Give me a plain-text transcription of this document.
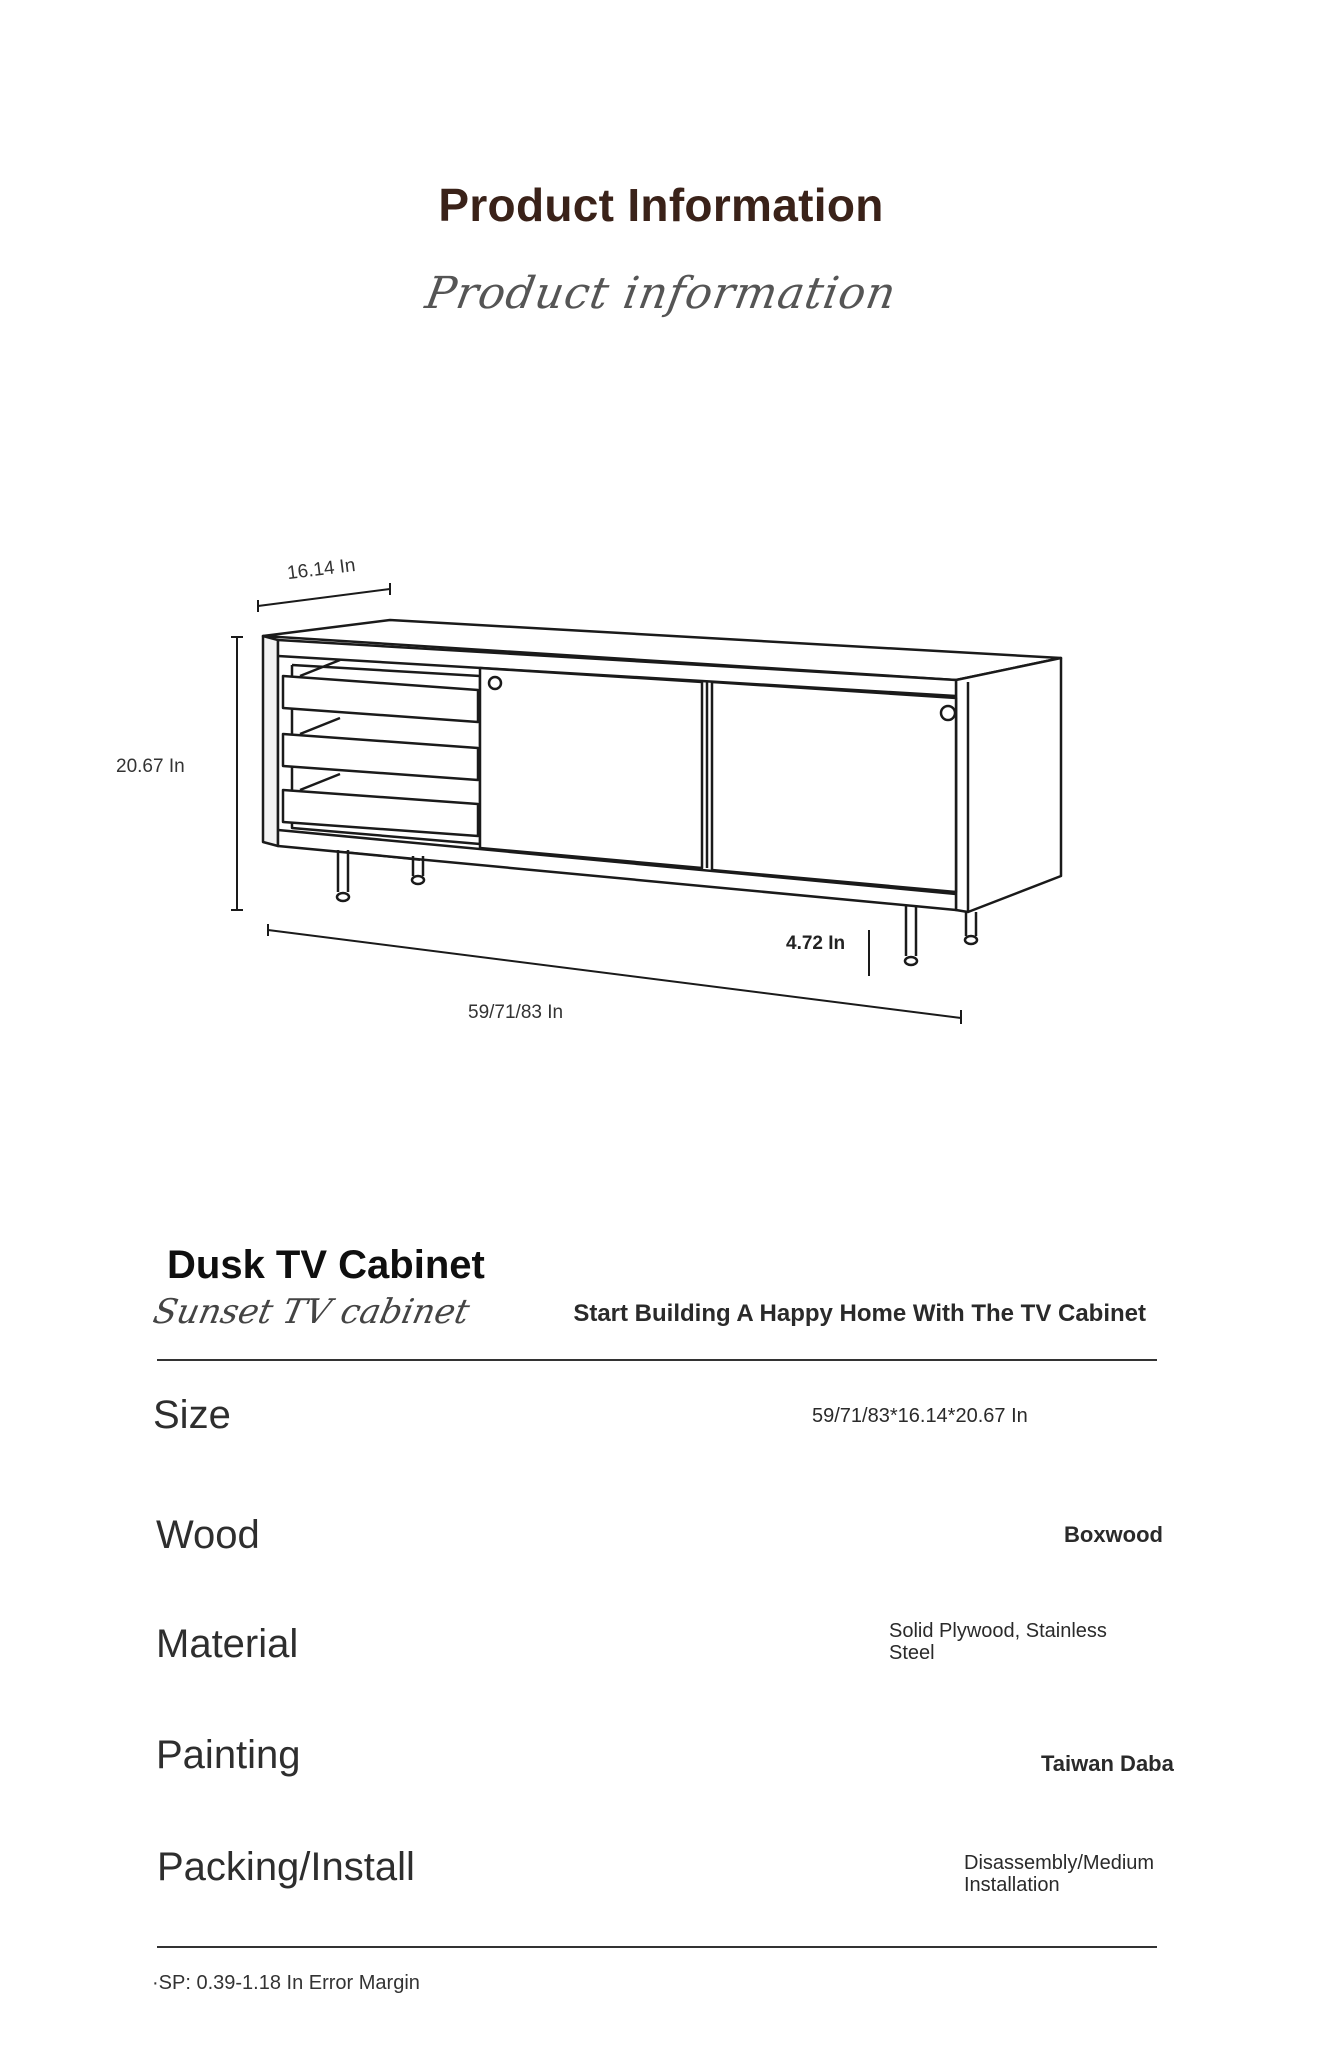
Product Information
Product information
16.14 In
20.67 In
4.72 In
59/71/83 In
Dusk TV Cabinet
Sunset TV cabinet	Start Building A Happy Home With The TV Cabinet
Size	59/71/83*16.14*20.67 In
Wood	Boxwood
Material	Solid Plywood, Stainless Steel
Painting	Taiwan Daba
Packing/Install	Disassembly/Medium Installation
·SP: 0.39-1.18 In Error Margin
